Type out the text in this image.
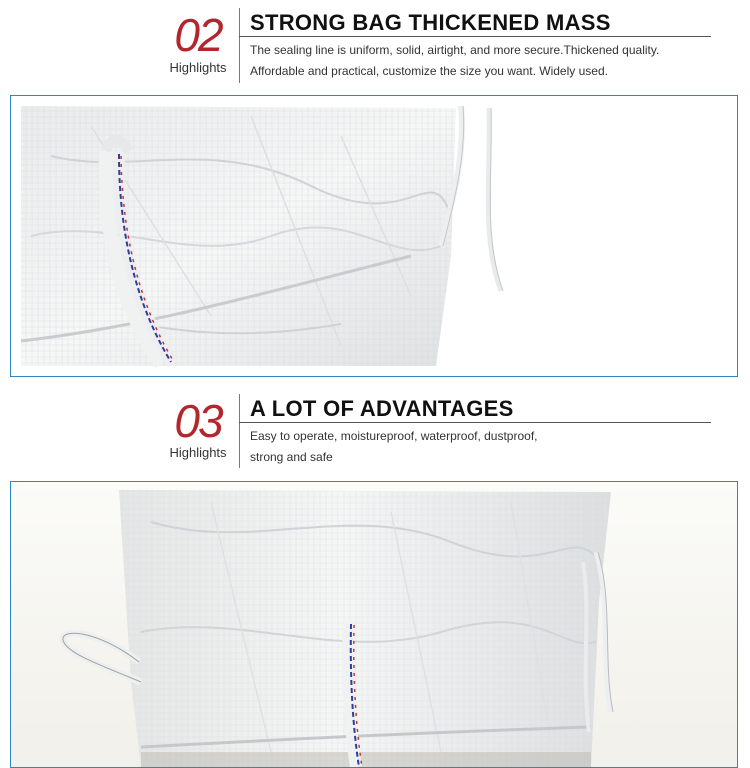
02
Highlights
STRONG BAG THICKENED MASS
The sealing line is uniform, solid, airtight, and more secure.Thickened quality.
Affordable and practical, customize the size you want. Widely used.
03
Highlights
A LOT OF ADVANTAGES
Easy to operate, moistureproof, waterproof, dustproof,
strong and safe
